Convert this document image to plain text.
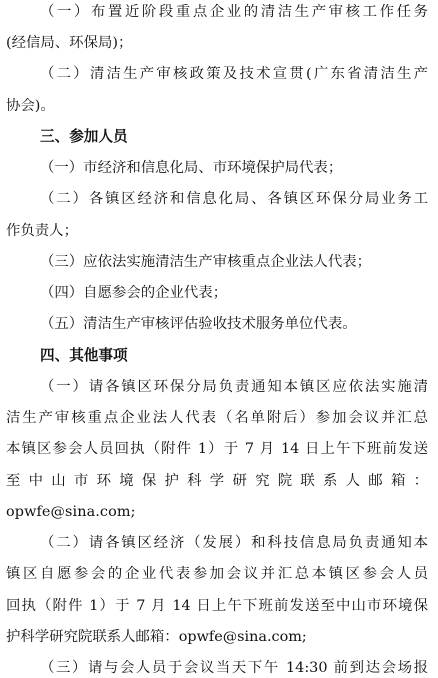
（一）布置近阶段重点企业的清洁生产审核工作任务
(经信局、环保局)；
（二）清洁生产审核政策及技术宣贯(广东省清洁生产
协会)。
三、参加人员
（一）市经济和信息化局、市环境保护局代表；
（二）各镇区经济和信息化局、各镇区环保分局业务工
作负责人；
（三）应依法实施清洁生产审核重点企业法人代表；
（四）自愿参会的企业代表；
（五）清洁生产审核评估验收技术服务单位代表。
四、其他事项
（一）请各镇区环保分局负责通知本镇区应依法实施清
洁生产审核重点企业法人代表（名单附后）参加会议并汇总
本镇区参会人员回执（附件 1）于 7 月 14 日上午下班前发送
至中山市环境保护科学研究院联系人邮箱：
opwfe@sina.com;
（二）请各镇区经济（发展）和科技信息局负责通知本
镇区自愿参会的企业代表参加会议并汇总本镇区参会人员
回执（附件 1）于 7 月 14 日上午下班前发送至中山市环境保
护科学研究院联系人邮箱：opwfe@sina.com;
（三）请与会人员于会议当天下午 14:30 前到达会场报
